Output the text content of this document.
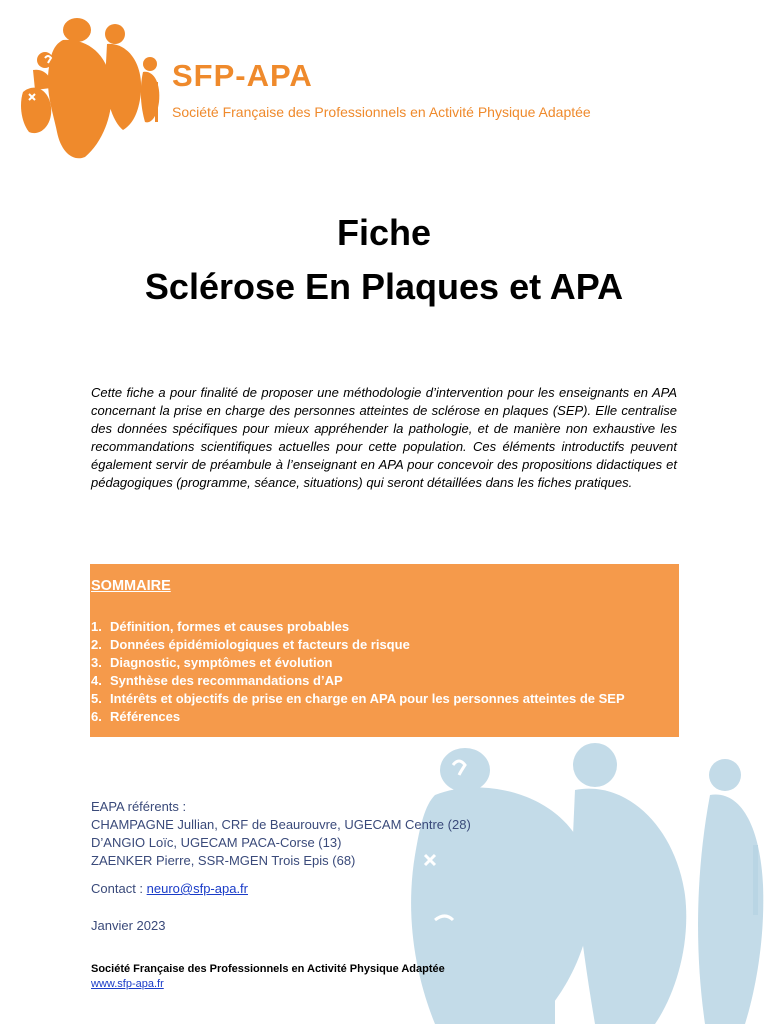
SFP-APA
Société Française des Professionnels en Activité Physique Adaptée
Fiche
Sclérose En Plaques et APA
Cette fiche a pour finalité de proposer une méthodologie d’intervention pour les enseignants en APA concernant la prise en charge des personnes atteintes de sclérose en plaques (SEP). Elle centralise des données spécifiques pour mieux appréhender la pathologie, et de manière non exhaustive les recommandations scientifiques actuelles pour cette population. Ces éléments introductifs peuvent également servir de préambule à l’enseignant en APA pour concevoir des propositions didactiques et pédagogiques (programme, séance, situations) qui seront détaillées dans les fiches pratiques.
SOMMAIRE
1. Définition, formes et causes probables
2. Données épidémiologiques et facteurs de risque
3. Diagnostic, symptômes et évolution
4. Synthèse des recommandations d’AP
5. Intérêts et objectifs de prise en charge en APA pour les personnes atteintes de SEP
6. Références
EAPA référents :
CHAMPAGNE Jullian, CRF de Beaurouvre, UGECAM Centre (28)
D’ANGIO Loïc, UGECAM PACA-Corse (13)
ZAENKER Pierre, SSR-MGEN Trois Epis (68)
Contact : neuro@sfp-apa.fr
Janvier 2023
Société Française des Professionnels en Activité Physique Adaptée
www.sfp-apa.fr
